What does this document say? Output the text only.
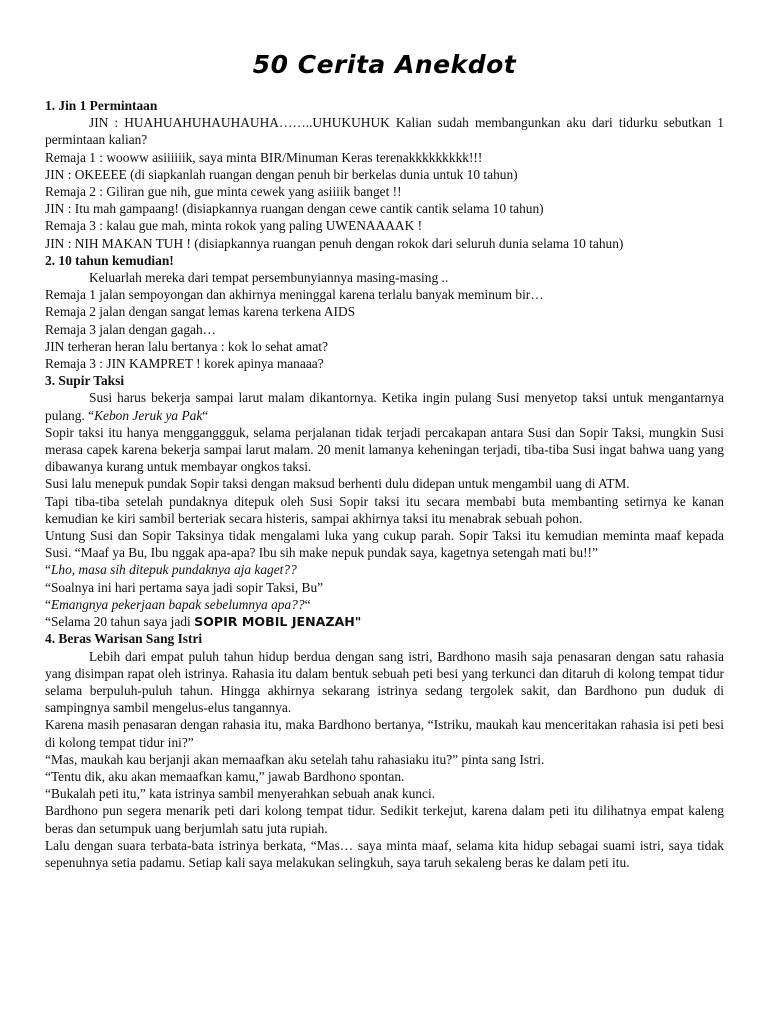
50 Cerita Anekdot

1. Jin 1 Permintaan

JIN : HUAHUAHUHAUHAUHA……..UHUKUHUK Kalian sudah membangunkan aku dari tidurku sebutkan 1 permintaan kalian?

Remaja 1 : wooww asiiiiiik, saya minta BIR/Minuman Keras terenakkkkkkkkk!!!

JIN : OKEEEE (di siapkanlah ruangan dengan penuh bir berkelas dunia untuk 10 tahun)

Remaja 2 : Giliran gue nih, gue minta cewek yang asiiiik banget !!

JIN : Itu mah gampaang! (disiapkannya ruangan dengan cewe cantik cantik selama 10 tahun)

Remaja 3 : kalau gue mah, minta rokok yang paling UWENAAAAK !

JIN : NIH MAKAN TUH ! (disiapkannya ruangan penuh dengan rokok dari seluruh dunia selama 10 tahun)

2. 10 tahun kemudian!

Keluarlah mereka dari tempat persembunyiannya masing-masing ..

Remaja 1 jalan sempoyongan dan akhirnya meninggal karena terlalu banyak meminum bir…

Remaja 2 jalan dengan sangat lemas karena terkena AIDS

Remaja 3 jalan dengan gagah…

JIN terheran heran lalu bertanya : kok lo sehat amat?

Remaja 3 : JIN KAMPRET ! korek apinya manaaa?

3. Supir Taksi

Susi harus bekerja sampai larut malam dikantornya. Ketika ingin pulang Susi menyetop taksi untuk mengantarnya pulang. “Kebon Jeruk ya Pak“

Sopir taksi itu hanya mengganggguk, selama perjalanan tidak terjadi percakapan antara Susi dan Sopir Taksi, mungkin Susi merasa capek karena bekerja sampai larut malam. 20 menit lamanya keheningan terjadi, tiba-tiba Susi ingat bahwa uang yang dibawanya kurang untuk membayar ongkos taksi.

Susi lalu menepuk pundak Sopir taksi dengan maksud berhenti dulu didepan untuk mengambil uang di ATM.

Tapi tiba-tiba setelah pundaknya ditepuk oleh Susi Sopir taksi itu secara membabi buta membanting setirnya ke kanan kemudian ke kiri sambil berteriak secara histeris, sampai akhirnya taksi itu menabrak sebuah pohon.

Untung Susi dan Sopir Taksinya tidak mengalami luka yang cukup parah. Sopir Taksi itu kemudian meminta maaf kepada Susi. “Maaf ya Bu, Ibu nggak apa-apa? Ibu sih make nepuk pundak saya, kagetnya setengah mati bu!!”

“Lho, masa sih ditepuk pundaknya aja kaget??

“Soalnya ini hari pertama saya jadi sopir Taksi, Bu”

“Emangnya pekerjaan bapak sebelumnya apa??“

“Selama 20 tahun saya jadi SOPIR MOBIL JENAZAH"

4. Beras Warisan Sang Istri

Lebih dari empat puluh tahun hidup berdua dengan sang istri, Bardhono masih saja penasaran dengan satu rahasia yang disimpan rapat oleh istrinya. Rahasia itu dalam bentuk sebuah peti besi yang terkunci dan ditaruh di kolong tempat tidur selama berpuluh-puluh tahun. Hingga akhirnya sekarang istrinya sedang tergolek sakit, dan Bardhono pun duduk di sampingnya sambil mengelus-elus tangannya.

Karena masih penasaran dengan rahasia itu, maka Bardhono bertanya, “Istriku, maukah kau menceritakan rahasia isi peti besi di kolong tempat tidur ini?”

“Mas, maukah kau berjanji akan memaafkan aku setelah tahu rahasiaku itu?” pinta sang Istri.

“Tentu dik, aku akan memaafkan kamu,” jawab Bardhono spontan.

“Bukalah peti itu,” kata istrinya sambil menyerahkan sebuah anak kunci.

Bardhono pun segera menarik peti dari kolong tempat tidur. Sedikit terkejut, karena dalam peti itu dilihatnya empat kaleng beras dan setumpuk uang berjumlah satu juta rupiah.

Lalu dengan suara terbata-bata istrinya berkata, “Mas… saya minta maaf, selama kita hidup sebagai suami istri, saya tidak sepenuhnya setia padamu. Setiap kali saya melakukan selingkuh, saya taruh sekaleng beras ke dalam peti itu.
